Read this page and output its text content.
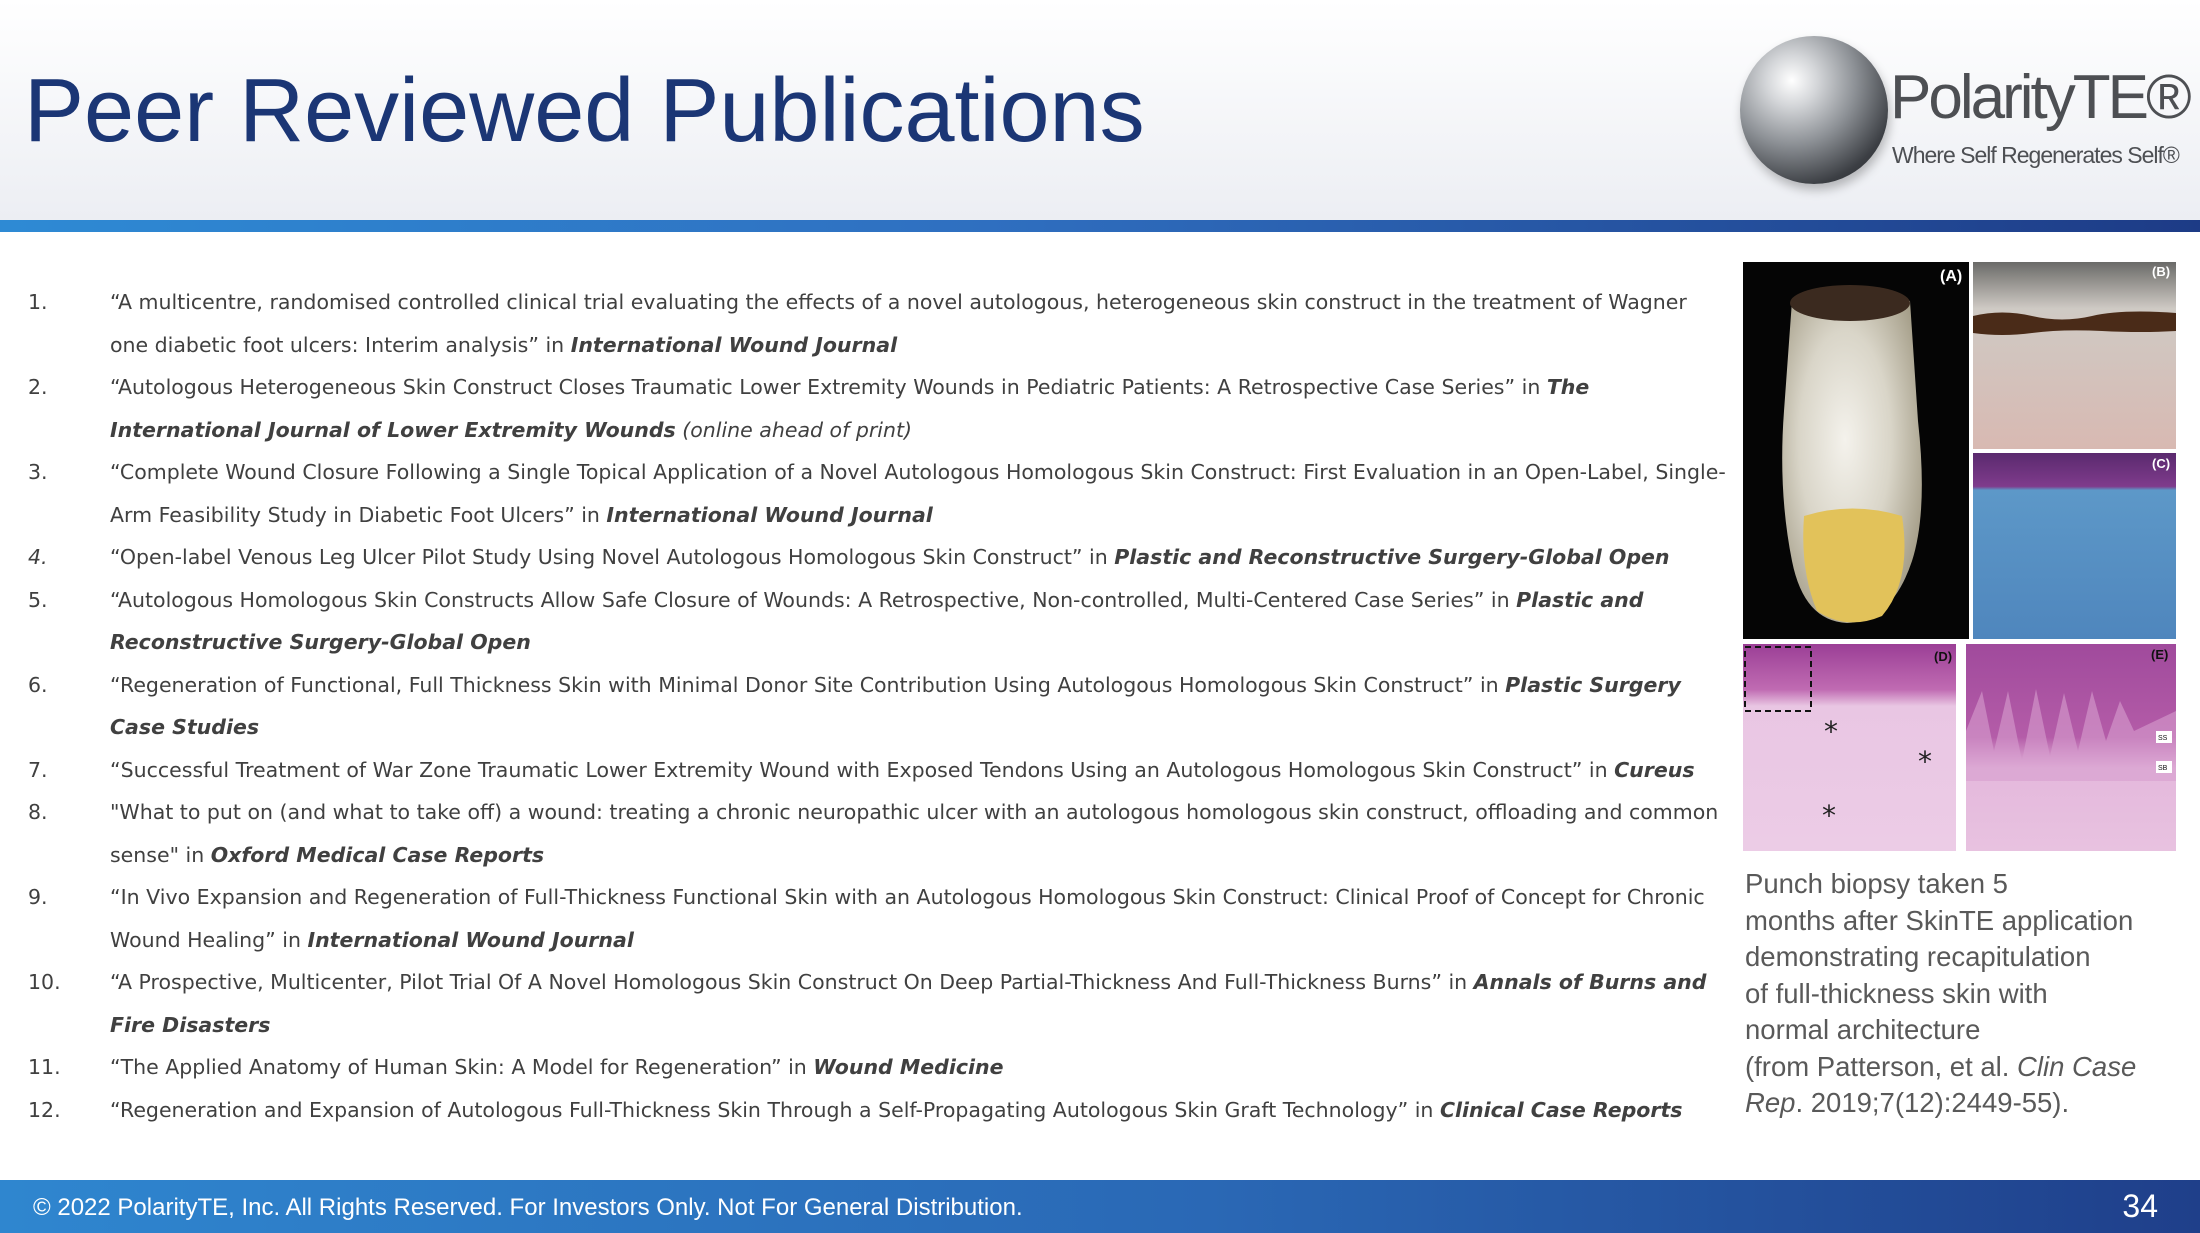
Peer Reviewed Publications	PolarityTE®
Where Self Regenerates Self®
1.	“A multicentre, randomised controlled clinical trial evaluating the effects of a novel autologous, heterogeneous skin construct in the treatment of Wagner one diabetic foot ulcers: Interim analysis” in International Wound Journal
2.	“Autologous Heterogeneous Skin Construct Closes Traumatic Lower Extremity Wounds in Pediatric Patients: A Retrospective Case Series” in The International Journal of Lower Extremity Wounds (online ahead of print)
3.	“Complete Wound Closure Following a Single Topical Application of a Novel Autologous Homologous Skin Construct: First Evaluation in an Open-Label, Single-Arm Feasibility Study in Diabetic Foot Ulcers” in International Wound Journal
4.	“Open-label Venous Leg Ulcer Pilot Study Using Novel Autologous Homologous Skin Construct” in Plastic and Reconstructive Surgery-Global Open
5.	“Autologous Homologous Skin Constructs Allow Safe Closure of Wounds: A Retrospective, Non-controlled, Multi-Centered Case Series” in Plastic and Reconstructive Surgery-Global Open
6.	“Regeneration of Functional, Full Thickness Skin with Minimal Donor Site Contribution Using Autologous Homologous Skin Construct” in Plastic Surgery Case Studies
7.	“Successful Treatment of War Zone Traumatic Lower Extremity Wound with Exposed Tendons Using an Autologous Homologous Skin Construct” in Cureus
8.	"What to put on (and what to take off) a wound: treating a chronic neuropathic ulcer with an autologous homologous skin construct, offloading and common sense" in Oxford Medical Case Reports
9.	“In Vivo Expansion and Regeneration of Full-Thickness Functional Skin with an Autologous Homologous Skin Construct: Clinical Proof of Concept for Chronic Wound Healing” in International Wound Journal
10. “A Prospective, Multicenter, Pilot Trial Of A Novel Homologous Skin Construct On Deep Partial-Thickness And Full-Thickness Burns” in Annals of Burns and Fire Disasters
11. “The Applied Anatomy of Human Skin: A Model for Regeneration” in Wound Medicine
12. “Regeneration and Expansion of Autologous Full-Thickness Skin Through a Self-Propagating Autologous Skin Graft Technology” in Clinical Case Reports
(A)	(B)
(C)
*
*
*
(D)
SS
SB
(E)
Punch biopsy taken 5
months after SkinTE application
demonstrating recapitulation
of full-thickness skin with
normal architecture
(from Patterson, et al. Clin Case
Rep. 2019;7(12):2449-55).
© 2022 PolarityTE, Inc. All Rights Reserved. For Investors Only. Not For General Distribution.	34
